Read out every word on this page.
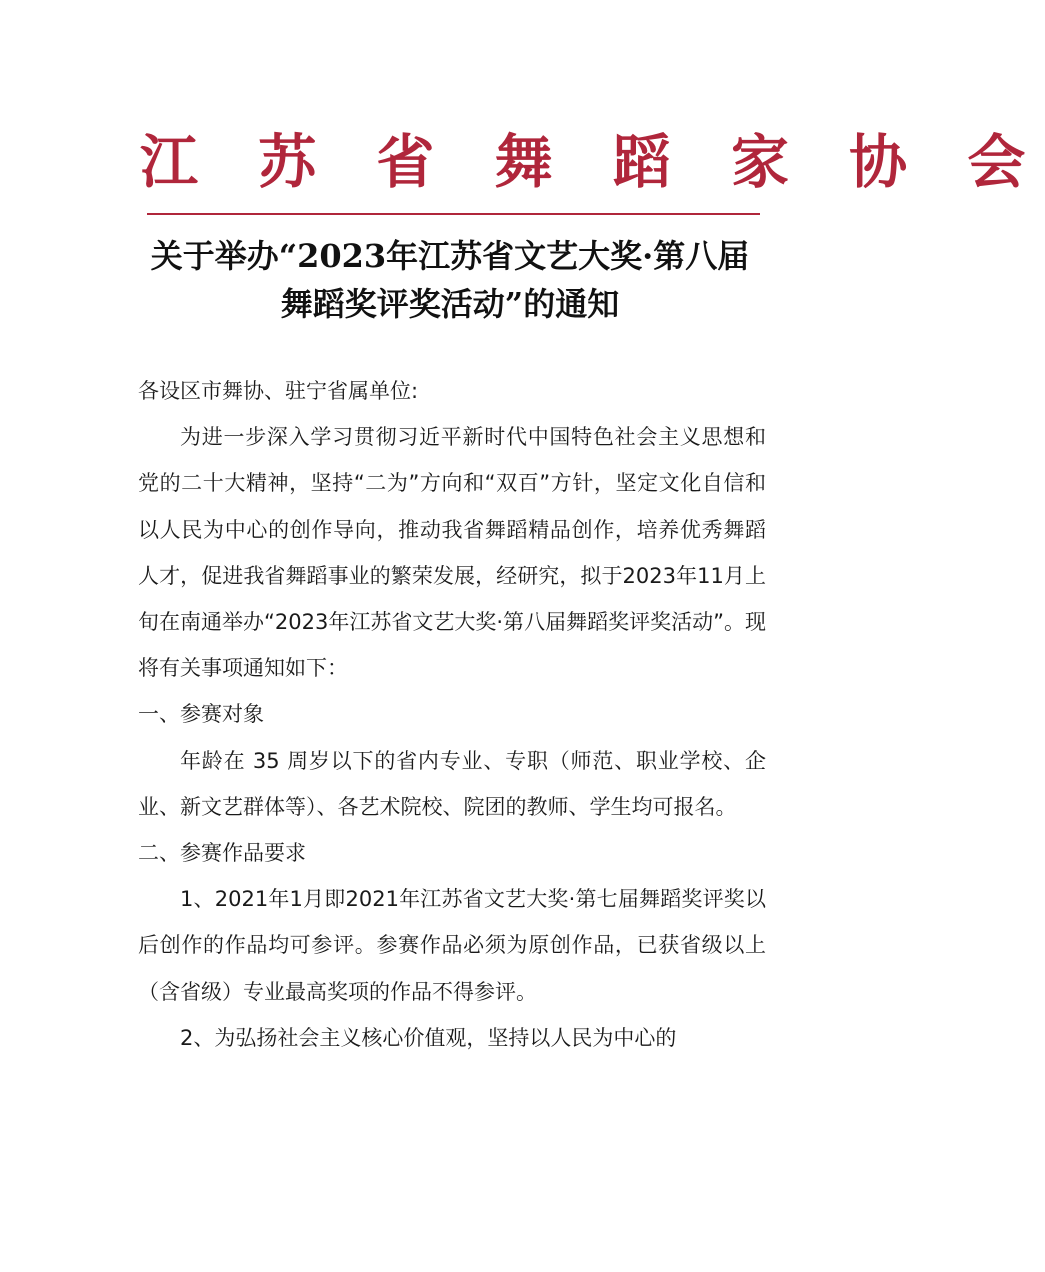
江 苏 省 舞 蹈 家 协 会
关于举办“2023年江苏省文艺大奖·第八届
舞蹈奖评奖活动”的通知

各设区市舞协、驻宁省属单位:

为进一步深入学习贯彻习近平新时代中国特色社会主义思想和党的二十大精神，坚持“二为”方向和“双百”方针，坚定文化自信和以人民为中心的创作导向，推动我省舞蹈精品创作，培养优秀舞蹈人才，促进我省舞蹈事业的繁荣发展，经研究，拟于2023年11月上旬在南通举办“2023年江苏省文艺大奖·第八届舞蹈奖评奖活动”。现将有关事项通知如下：

一、参赛对象

年龄在 35 周岁以下的省内专业、专职（师范、职业学校、企业、新文艺群体等）、各艺术院校、院团的教师、学生均可报名。

二、参赛作品要求

1、2021年1月即2021年江苏省文艺大奖·第七届舞蹈奖评奖以后创作的作品均可参评。参赛作品必须为原创作品，已获省级以上（含省级）专业最高奖项的作品不得参评。

2、为弘扬社会主义核心价值观，坚持以人民为中心的
